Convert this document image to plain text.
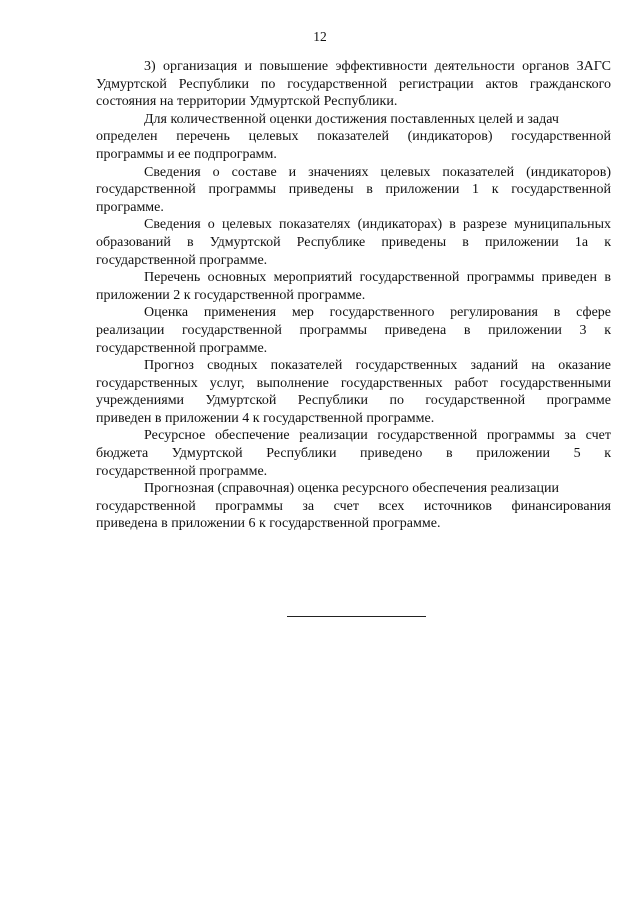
12

3) организация и повышение эффективности деятельности органов ЗАГС
Удмуртской Республики по государственной регистрации актов гражданского
состояния на территории Удмуртской Республики.

Для количественной оценки достижения поставленных целей и задач
определен перечень целевых показателей (индикаторов) государственной
программы и ее подпрограмм.

Сведения о составе и значениях целевых показателей (индикаторов)
государственной программы приведены в приложении 1 к государственной
программе.

Сведения о целевых показателях (индикаторах) в разрезе муниципальных
образований в Удмуртской Республике приведены в приложении 1а к
государственной программе.

Перечень основных мероприятий государственной программы приведен в
приложении 2 к государственной программе.

Оценка применения мер государственного регулирования в сфере
реализации государственной программы приведена в приложении 3 к
государственной программе.

Прогноз сводных показателей государственных заданий на оказание
государственных услуг, выполнение государственных работ государственными
учреждениями Удмуртской Республики по государственной программе
приведен в приложении 4 к государственной программе.

Ресурсное обеспечение реализации государственной программы за счет
бюджета Удмуртской Республики приведено в приложении 5 к
государственной программе.

Прогнозная (справочная) оценка ресурсного обеспечения реализации
государственной программы за счет всех источников финансирования
приведена в приложении 6 к государственной программе.
